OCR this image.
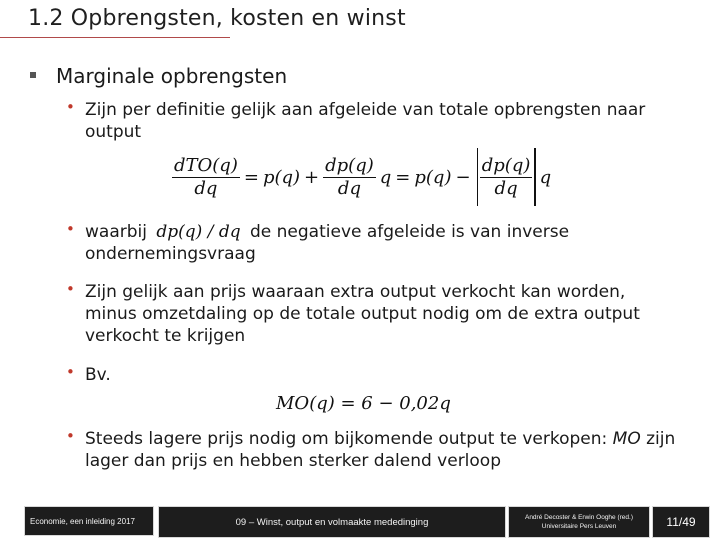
1.2 Opbrengsten, kosten en winst
Marginale opbrengsten
• Zijn per definitie gelijk aan afgeleide van totale opbrengsten naar output
$\frac{\text{dTO(q)}}{dq} = p(q) + \frac{dp(q)}{dq}$ $q = p(q) - \frac{dp(q)}{dq}$ q
• waarbij dp(q) / dq de negatieve afgeleide is van inverse ondernemingsvraag
• Zijn gelijk aan prijs waaraan extra output verkocht kan worden, minus omzetdaling op de totale output nodig om de extra output verkocht te krijgen
• Bv.
MO(q) = 6 − 0,02q
• Steeds lagere prijs nodig om bijkomende output te verkopen: MO zijn lager dan prijs en hebben sterker dalend verloop
Economie, een inleiding 2017	09 – Winst, output en volmaakte mededinging	André Decoster & Erwin Ooghe (red.)
Universitaire Pers Leuven	11/49
